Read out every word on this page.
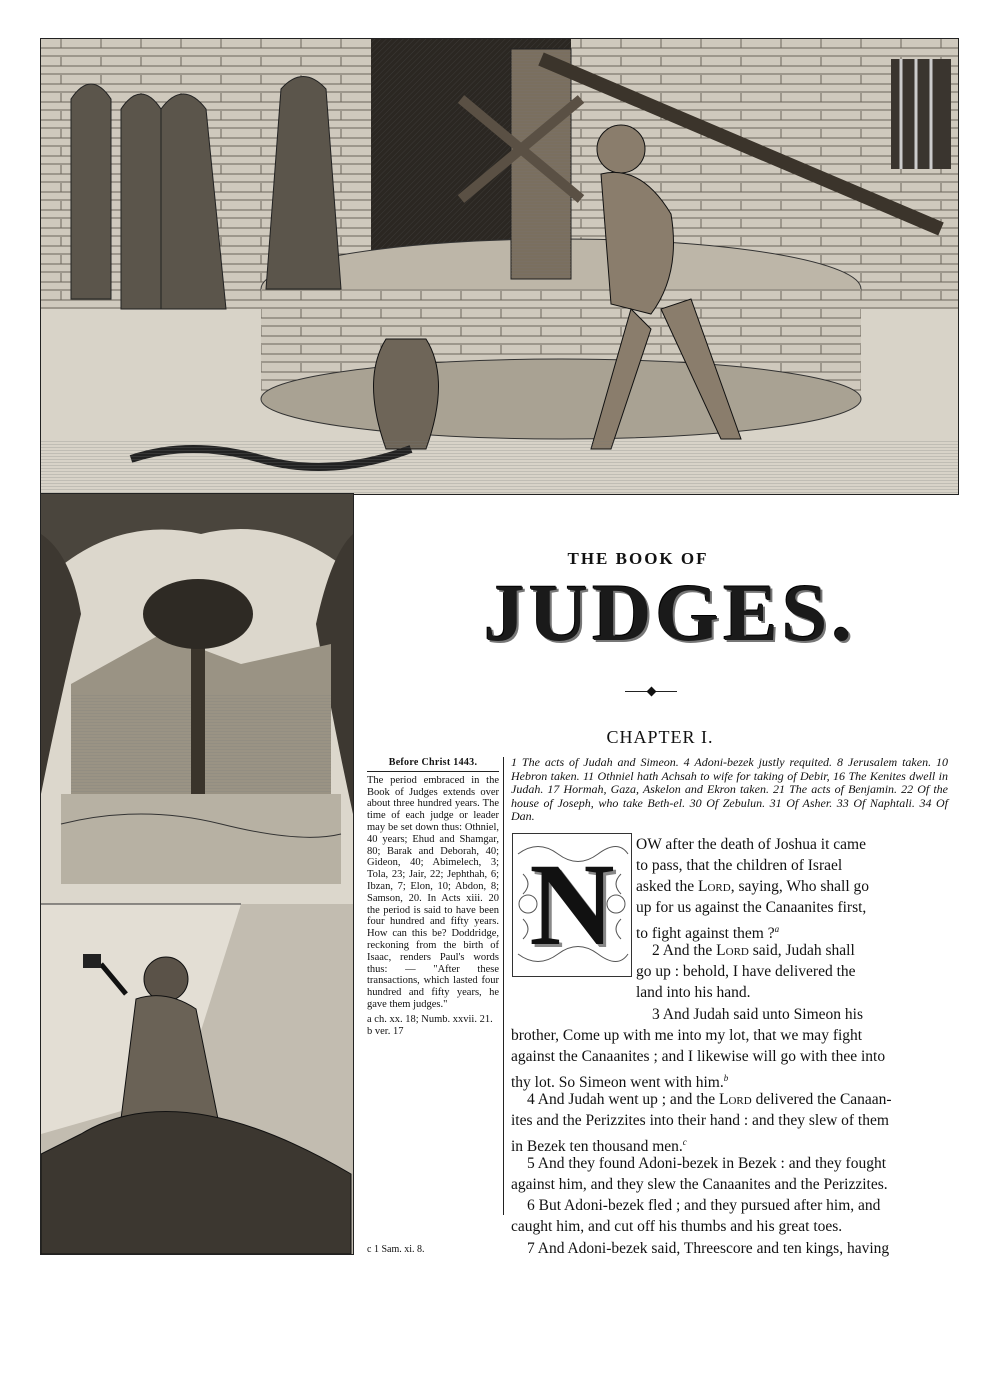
THE BOOK OF
JUDGES.
CHAPTER I.
Before Christ 1443.
The period embraced in the Book of Judges extends over about three hundred years. The time of each judge or leader may be set down thus: Othniel, 40 years; Ehud and Shamgar, 80; Barak and Deborah, 40; Gideon, 40; Abimelech, 3; Tola, 23; Jair, 22; Jephthah, 6; Ibzan, 7; Elon, 10; Abdon, 8; Samson, 20. In Acts xiii. 20 the period is said to have been four hundred and fifty years. How can this be? Doddridge, reckoning from the birth of Isaac, renders Paul's words thus: — "After these transactions, which lasted four hundred and fifty years, he gave them judges."
a ch. xx. 18; Numb. xxvii. 21.
b ver. 17
c 1 Sam. xi. 8.
1 The acts of Judah and Simeon. 4 Adoni-bezek justly requited. 8 Jerusalem taken. 10 Hebron taken. 11 Othniel hath Achsah to wife for taking of Debir, 16 The Kenites dwell in Judah. 17 Hormah, Gaza, Askelon and Ekron taken. 21 The acts of Benjamin. 22 Of the house of Joseph, who take Beth-el. 30 Of Zebulun. 31 Of Asher. 33 Of Naphtali. 34 Of Dan.
N OW after the death of Joshua it came
to pass, that the children of Israel
asked the Lord, saying, Who shall go
up for us against the Canaanites first,
to fight against them ?$^a$
2 And the Lord said, Judah shall
go up : behold, I have delivered the
land into his hand.
3 And Judah said unto Simeon his
brother, Come up with me into my lot, that we may fight
against the Canaanites ; and I likewise will go with thee into
thy lot. So Simeon went with him.$^b$
4 And Judah went up ; and the Lord delivered the Canaan-
ites and the Perizzites into their hand : and they slew of them
in Bezek ten thousand men.$^c$
5 And they found Adoni-bezek in Bezek : and they fought
against him, and they slew the Canaanites and the Perizzites.
6 But Adoni-bezek fled ; and they pursued after him, and
caught him, and cut off his thumbs and his great toes.
7 And Adoni-bezek said, Threescore and ten kings, having
